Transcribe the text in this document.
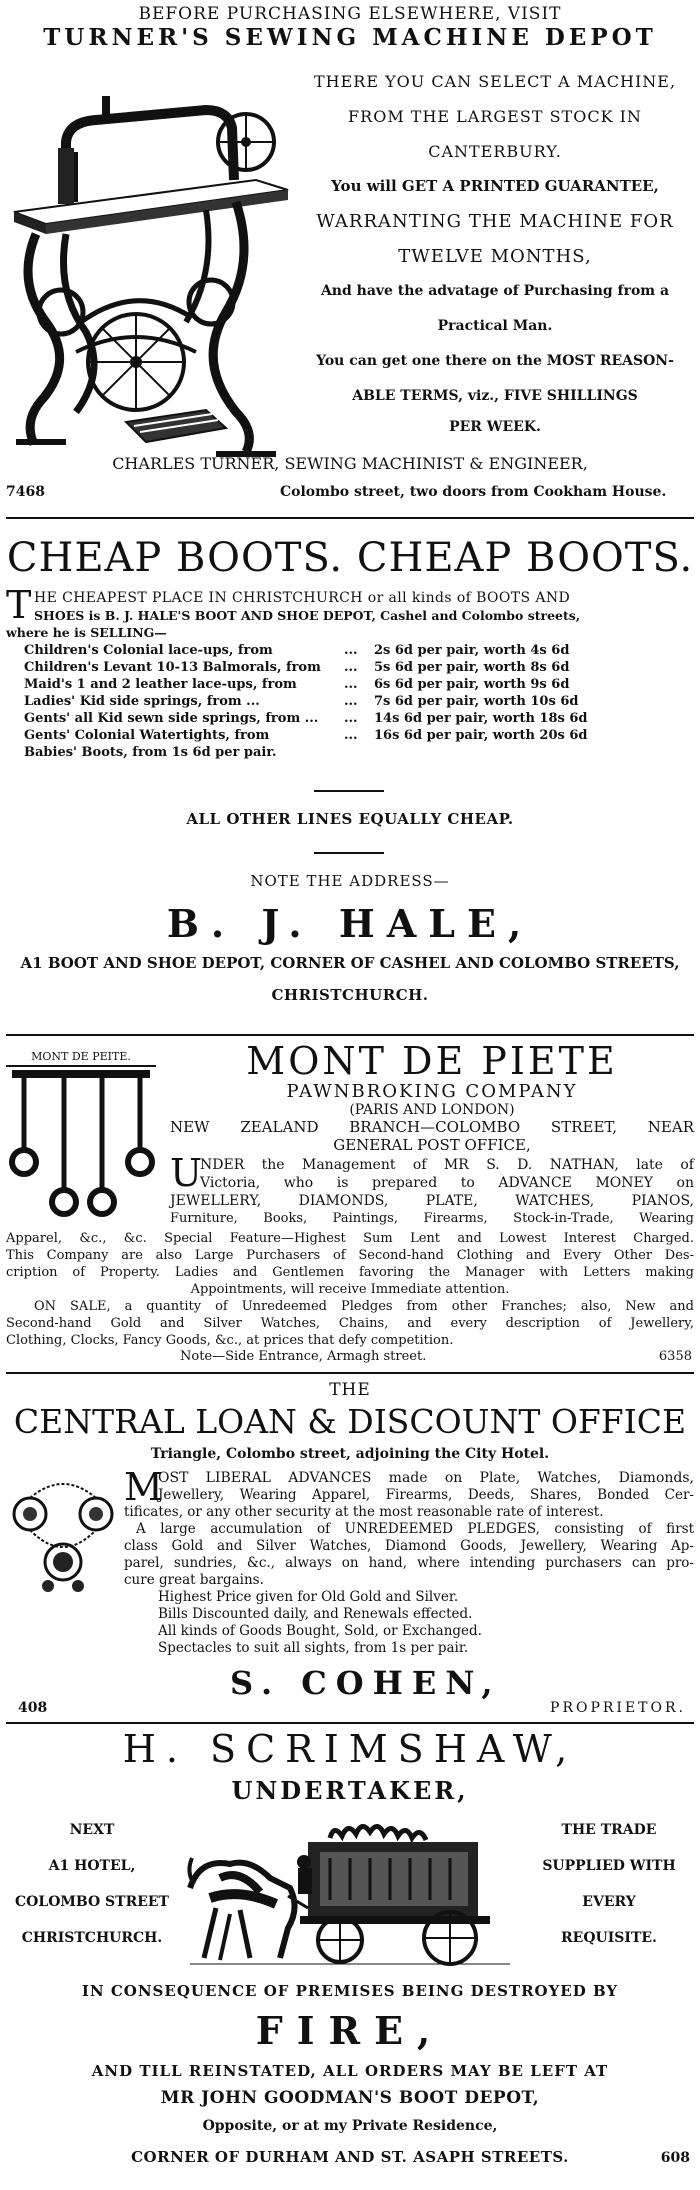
BEFORE PURCHASING ELSEWHERE, VISIT
TURNER'S SEWING MACHINE DEPOT
THERE YOU CAN SELECT A MACHINE,
FROM THE LARGEST STOCK IN
CANTERBURY.
You will GET A PRINTED GUARANTEE,
WARRANTING THE MACHINE FOR
TWELVE MONTHS,
And have the advatage of Purchasing from a
Practical Man.
You can get one there on the MOST REASON-
ABLE TERMS, viz., FIVE SHILLINGS
PER WEEK.
CHARLES TURNER, SEWING MACHINIST & ENGINEER,
7468	Colombo street, two doors from Cookham House.
CHEAP BOOTS. CHEAP BOOTS.
T HE CHEAPEST PLACE IN CHRISTCHURCH or all kinds of BOOTS AND
SHOES is B. J. HALE'S BOOT AND SHOE DEPOT, Cashel and Colombo streets,
where he is SELLING—
Children's Colonial lace-ups, from	...	2s 6d per pair, worth 4s 6d
Children's Levant 10-13 Balmorals, from	...	5s 6d per pair, worth 8s 6d
Maid's 1 and 2 leather lace-ups, from	...	6s 6d per pair, worth 9s 6d
Ladies' Kid side springs, from ...	...	7s 6d per pair, worth 10s 6d
Gents' all Kid sewn side springs, from ...	...	14s 6d per pair, worth 18s 6d
Gents' Colonial Watertights, from	...	16s 6d per pair, worth 20s 6d
Babies' Boots, from 1s 6d per pair.		
ALL OTHER LINES EQUALLY CHEAP.
NOTE THE ADDRESS—
B. J. HALE,
A1 BOOT AND SHOE DEPOT, CORNER OF CASHEL AND COLOMBO STREETS,
CHRISTCHURCH.
MONT DE PEITE.	MONT DE PIETE
PAWNBROKING COMPANY
(PARIS AND LONDON)
NEW ZEALAND BRANCH—COLOMBO STREET, NEAR
GENERAL POST OFFICE,
U
NDER the Management of MR S. D. NATHAN, late of
Victoria, who is prepared to ADVANCE MONEY on
JEWELLERY, DIAMONDS, PLATE, WATCHES, PIANOS,
Furniture, Books, Paintings, Firearms, Stock-in-Trade, Wearing
Apparel, &c., &c. Special Feature—Highest Sum Lent and Lowest Interest Charged.
This Company are also Large Purchasers of Second-hand Clothing and Every Other Des-
cription of Property. Ladies and Gentlemen favoring the Manager with Letters making
Appointments, will receive Immediate attention.
ON SALE, a quantity of Unredeemed Pledges from other Franches; also, New and
Second-hand Gold and Silver Watches, Chains, and every description of Jewellery,
Clothing, Clocks, Fancy Goods, &c., at prices that defy competition.
Note—Side Entrance, Armagh street.	6358
THE
CENTRAL LOAN & DISCOUNT OFFICE
Triangle, Colombo street, adjoining the City Hotel.
M
OST LIBERAL ADVANCES made on Plate, Watches, Diamonds,
Jewellery, Wearing Apparel, Firearms, Deeds, Shares, Bonded Cer-
tificates, or any other security at the most reasonable rate of interest.
A large accumulation of UNREDEEMED PLEDGES, consisting of first
class Gold and Silver Watches, Diamond Goods, Jewellery, Wearing Ap-
parel, sundries, &c., always on hand, where intending purchasers can pro-
cure great bargains.
Highest Price given for Old Gold and Silver.
Bills Discounted daily, and Renewals effected.
All kinds of Goods Bought, Sold, or Exchanged.
Spectacles to suit all sights, from 1s per pair.
S. COHEN,
408	PROPRIETOR.
H. SCRIMSHAW,
UNDERTAKER,
NEXT
A1 HOTEL,
COLOMBO STREET
CHRISTCHURCH.
THE TRADE
SUPPLIED WITH
EVERY
REQUISITE.
IN CONSEQUENCE OF PREMISES BEING DESTROYED BY
FIRE,
AND TILL REINSTATED, ALL ORDERS MAY BE LEFT AT
MR JOHN GOODMAN'S BOOT DEPOT,
Opposite, or at my Private Residence,
CORNER OF DURHAM AND ST. ASAPH STREETS.	608
